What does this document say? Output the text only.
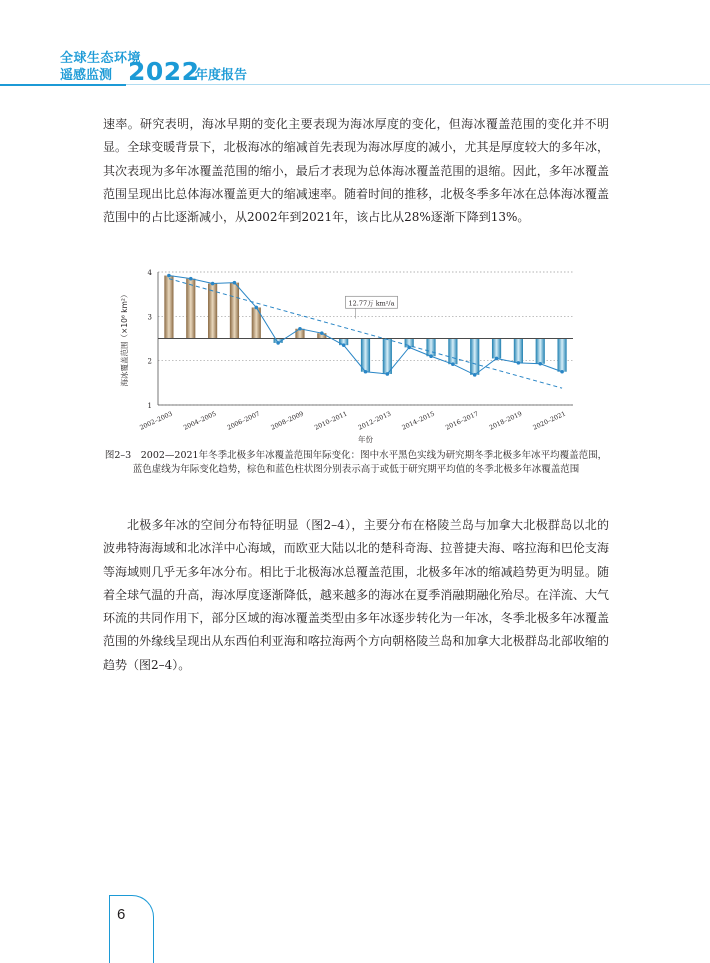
全球生态环境
遥感监测 2022
年度报告

速率。研究表明，海冰早期的变化主要表现为海冰厚度的变化，但海冰覆盖范围的变化并不明显。全球变暖背景下，北极海冰的缩减首先表现为海冰厚度的减小，尤其是厚度较大的多年冰，其次表现为多年冰覆盖范围的缩小，最后才表现为总体海冰覆盖范围的退缩。因此，多年冰覆盖范围呈现出比总体海冰覆盖更大的缩减速率。随着时间的推移，北极冬季多年冰在总体海冰覆盖范围中的占比逐渐减小，从2002年到2021年，该占比从28%逐渐下降到13%。

1
2
3
4
12.77万 km²/a
2002–2003 2004–2005 2006–2007 2008–2009 2010–2011 2012–2013 2014–2015 2016–2017 2018–2019 2020–2021
年份
海冰覆盖范围（×10⁶ km²）
图2–3　2002—2021年冬季北极多年冰覆盖范围年际变化：图中水平黑色实线为研究期冬季北极多年冰平均覆盖范围，蓝色虚线为年际变化趋势，棕色和蓝色柱状图分别表示高于或低于研究期平均值的冬季北极多年冰覆盖范围

北极多年冰的空间分布特征明显（图2–4），主要分布在格陵兰岛与加拿大北极群岛以北的波弗特海海域和北冰洋中心海域，而欧亚大陆以北的楚科奇海、拉普捷夫海、喀拉海和巴伦支海等海域则几乎无多年冰分布。相比于北极海冰总覆盖范围，北极多年冰的缩减趋势更为明显。随着全球气温的升高，海冰厚度逐渐降低，越来越多的海冰在夏季消融期融化殆尽。在洋流、大气环流的共同作用下，部分区域的海冰覆盖类型由多年冰逐步转化为一年冰，冬季北极多年冰覆盖范围的外缘线呈现出从东西伯利亚海和喀拉海两个方向朝格陵兰岛和加拿大北极群岛北部收缩的趋势（图2–4）。

6
